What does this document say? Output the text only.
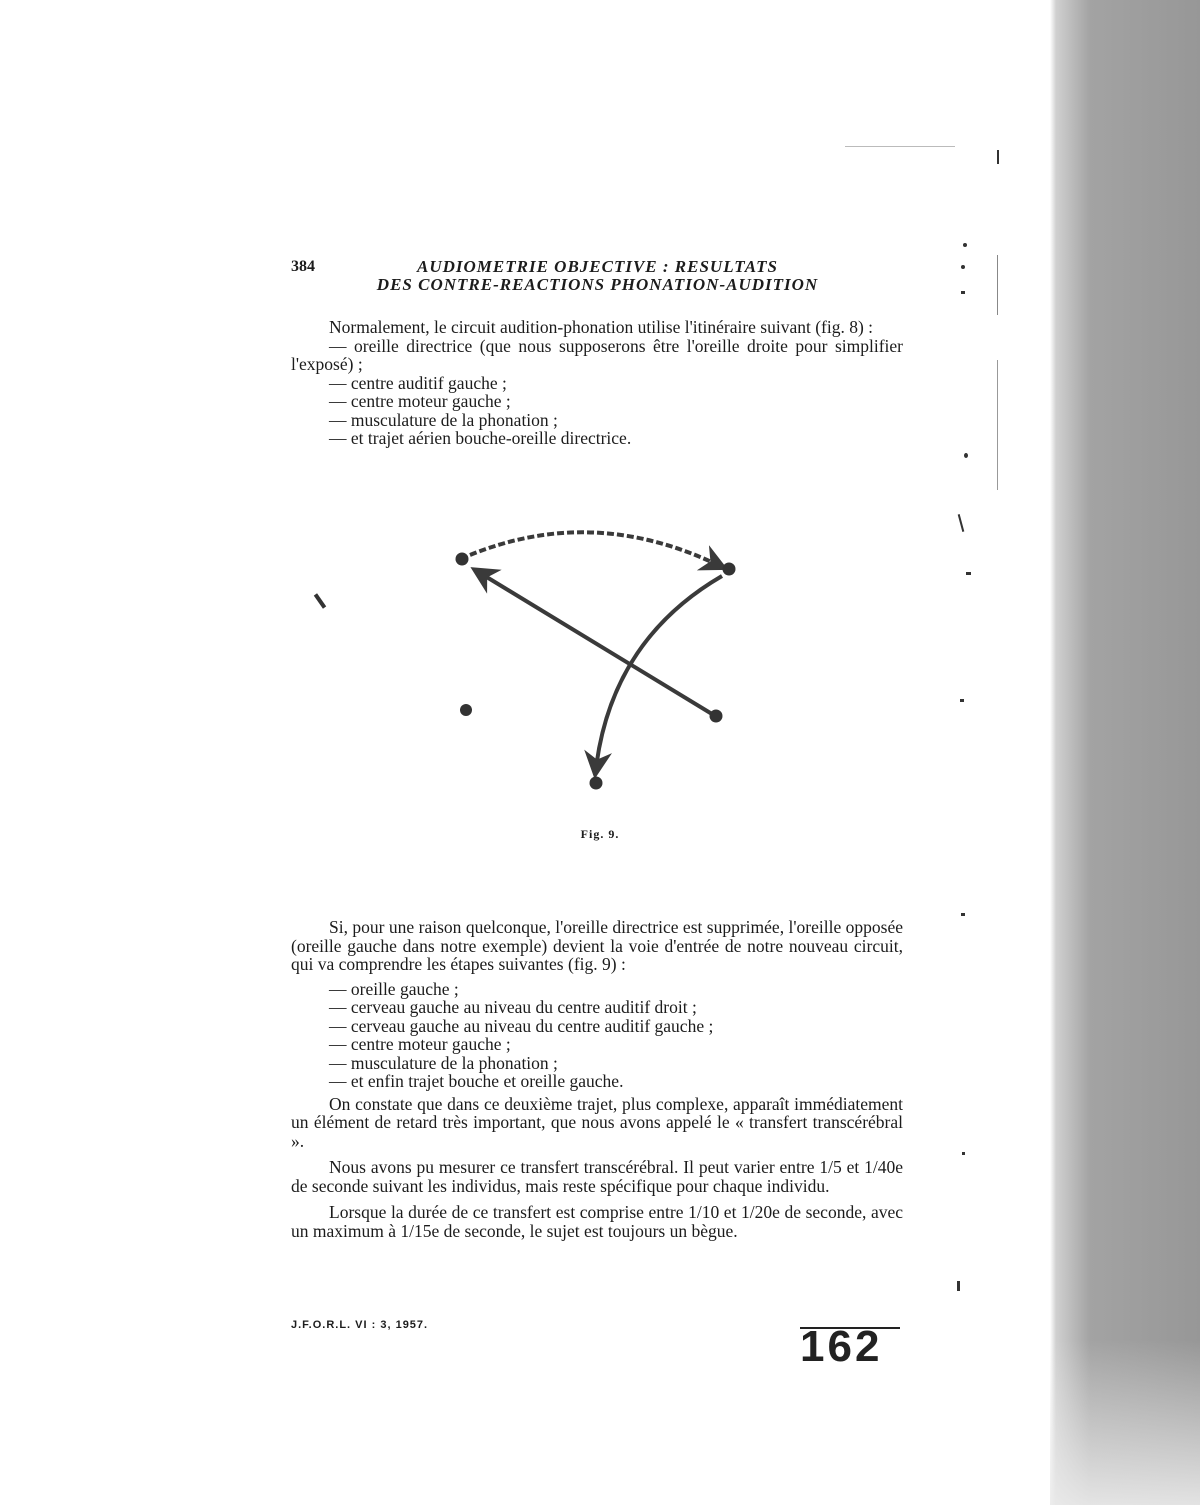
384	AUDIOMETRIE OBJECTIVE : RESULTATS
DES CONTRE-REACTIONS PHONATION-AUDITION

Normalement, le circuit audition-phonation utilise l'itinéraire suivant (fig. 8) :

— oreille directrice (que nous supposerons être l'oreille droite pour simplifier l'exposé) ;

— centre auditif gauche ;

— centre moteur gauche ;

— musculature de la phonation ;

— et trajet aérien bouche-oreille directrice.

Fig. 9.

Si, pour une raison quelconque, l'oreille directrice est supprimée, l'oreille opposée (oreille gauche dans notre exemple) devient la voie d'entrée de notre nouveau circuit, qui va comprendre les étapes suivantes (fig. 9) :

— oreille gauche ;

— cerveau gauche au niveau du centre auditif droit ;

— cerveau gauche au niveau du centre auditif gauche ;

— centre moteur gauche ;

— musculature de la phonation ;

— et enfin trajet bouche et oreille gauche.

On constate que dans ce deuxième trajet, plus complexe, apparaît immédiatement un élément de retard très important, que nous avons appelé le « transfert transcérébral ».

Nous avons pu mesurer ce transfert transcérébral. Il peut varier entre 1/5 et 1/40e de seconde suivant les individus, mais reste spécifique pour chaque individu.

Lorsque la durée de ce transfert est comprise entre 1/10 et 1/20e de seconde, avec un maximum à 1/15e de seconde, le sujet est toujours un bègue.

J.F.O.R.L. VI : 3, 1957.	162
